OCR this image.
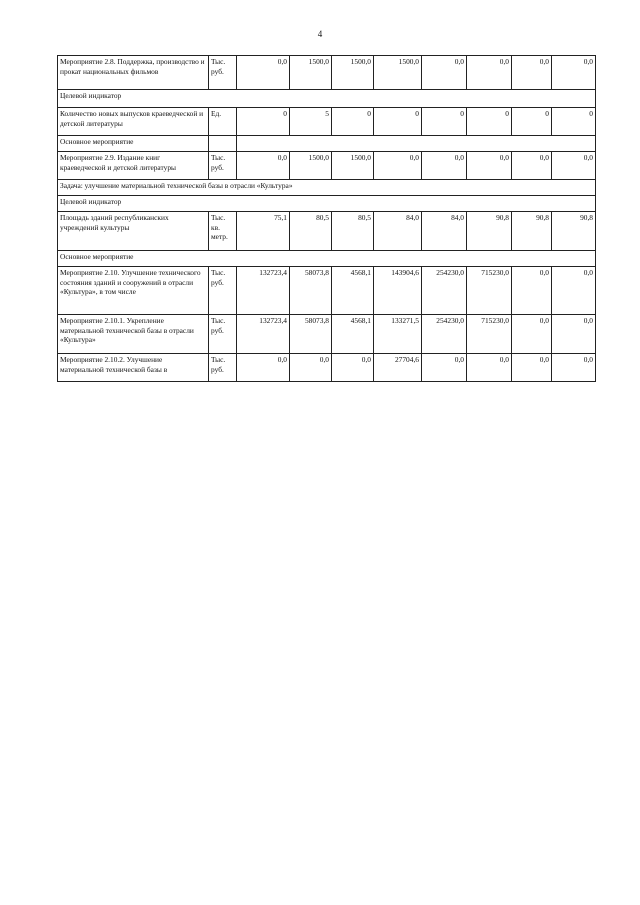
4
Мероприятие 2.8. Поддержка, производство и прокат национальных фильмов	Тыс. руб.	0,0	1500,0	1500,0	1500,0	0,0	0,0	0,0	0,0
Целевой индикатор									
Количество новых выпусков краеведческой и детской литературы	Ед.	0	5	0	0	0	0	0	0
Основное мероприятие									
Мероприятие 2.9. Издание книг краеведческой и детской литературы	Тыс. руб.	0,0	1500,0	1500,0	0,0	0,0	0,0	0,0	0,0
Задача: улучшение материальной технической базы в отрасли «Культура»									
Целевой индикатор									
Площадь зданий республиканских учреждений культуры	Тыс. кв. метр.	75,1	80,5	80,5	84,0	84,0	90,8	90,8	90,8
Основное мероприятие									
Мероприятие 2.10. Улучшение технического состояния зданий и сооружений в отрасли «Культура», в том числе	Тыс. руб.	132723,4	58073,8	4568,1	143904,6	254230,0	715230,0	0,0	0,0
Мероприятие 2.10.1. Укрепление материальной технической базы в отрасли «Культура»	Тыс. руб.	132723,4	58073,8	4568,1	133271,5	254230,0	715230,0	0,0	0,0
Мероприятие 2.10.2. Улучшение материальной технической базы в	Тыс. руб.	0,0	0,0	0,0	27704,6	0,0	0,0	0,0	0,0
